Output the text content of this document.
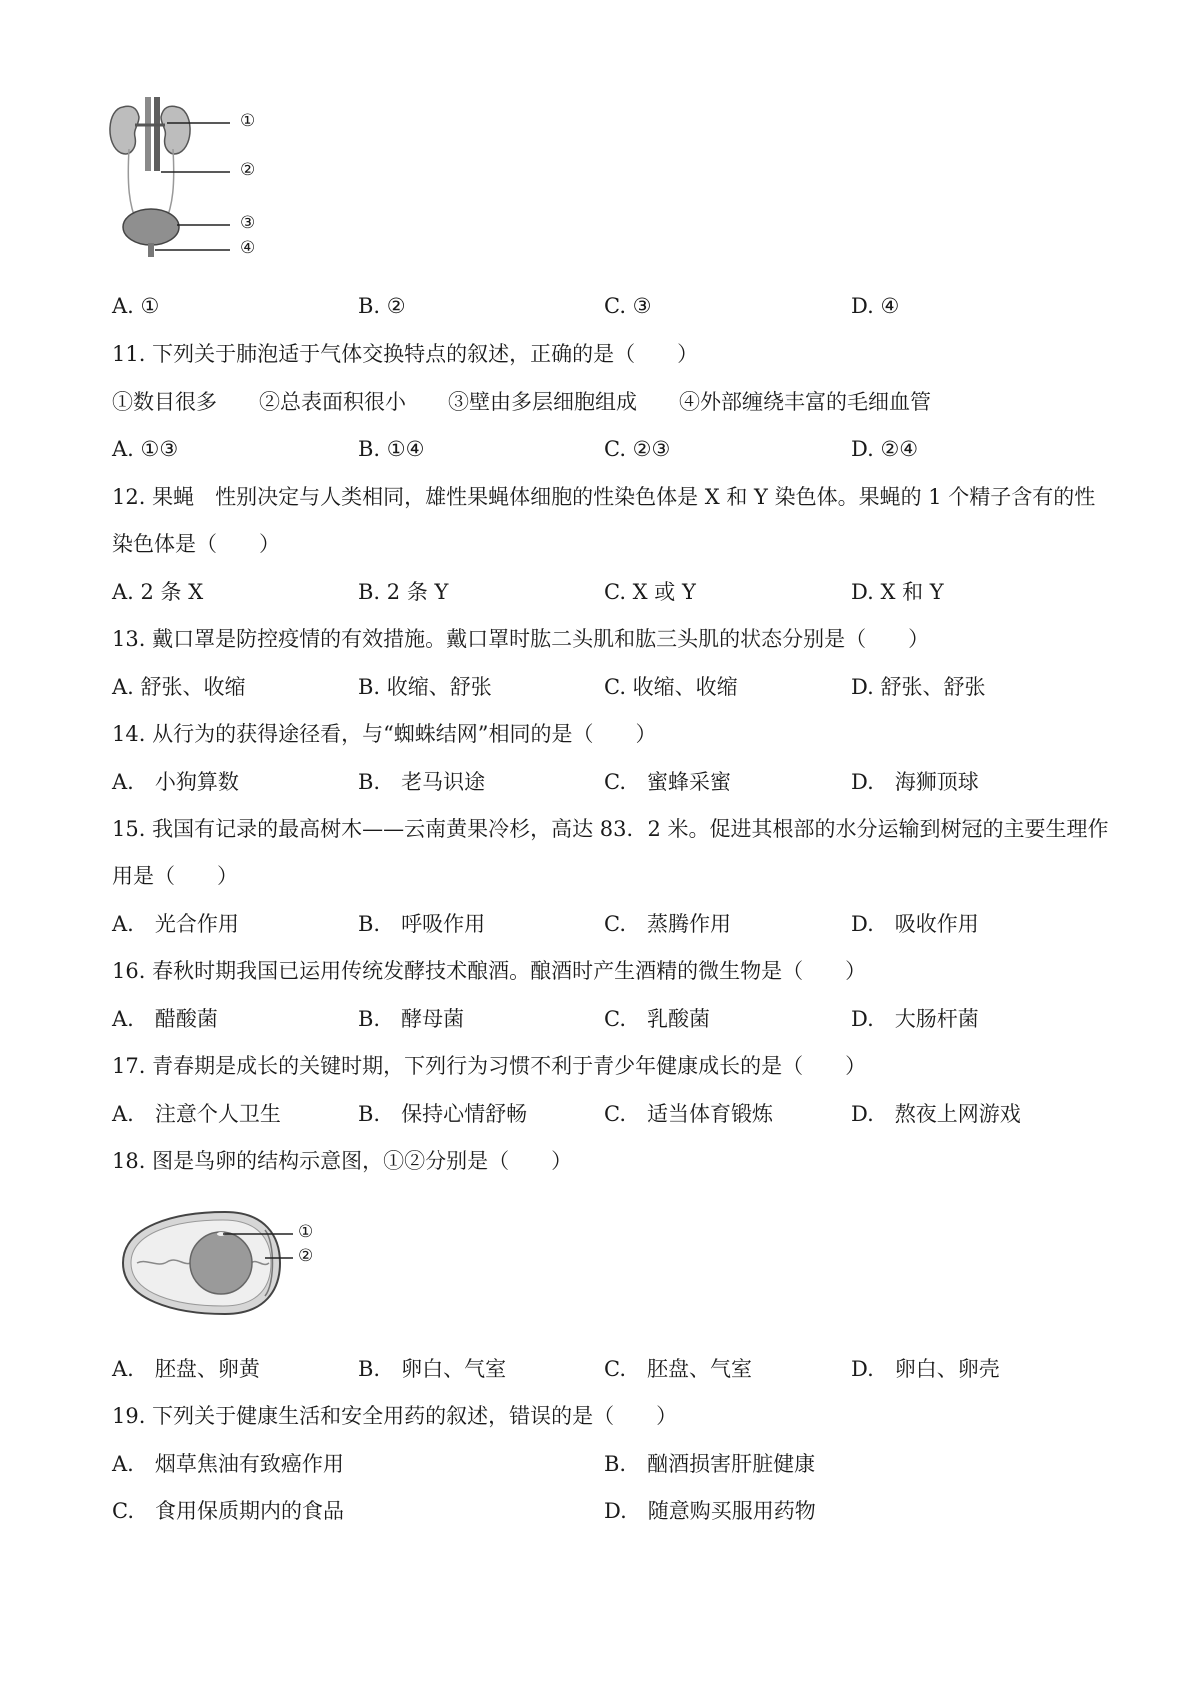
①
②
③
④
A. ①	B. ②	C. ③	D. ④
11. 下列关于肺泡适于气体交换特点的叙述，正确的是（　　）
①数目很多　　②总表面积很小　　③壁由多层细胞组成　　④外部缠绕丰富的毛细血管
A. ①③	B. ①④	C. ②③	D. ②④
12. 果蝇　性别决定与人类相同，雄性果蝇体细胞的性染色体是 X 和 Y 染色体。果蝇的 1 个精子含有的性
染色体是（　　）
A. 2 条 X	B. 2 条 Y	C. X 或 Y	D. X 和 Y
13. 戴口罩是防控疫情的有效措施。戴口罩时肱二头肌和肱三头肌的状态分别是（　　）
A. 舒张、收缩	B. 收缩、舒张	C. 收缩、收缩	D. 舒张、舒张
14. 从行为的获得途径看，与“蜘蛛结网”相同的是（　　）
A.　小狗算数	B.　老马识途	C.　蜜蜂采蜜	D.　海狮顶球
15. 我国有记录的最高树木——云南黄果冷杉，高达 83．2 米。促进其根部的水分运输到树冠的主要生理作
用是（　　）
A.　光合作用	B.　呼吸作用	C.　蒸腾作用	D.　吸收作用
16. 春秋时期我国已运用传统发酵技术酿酒。酿酒时产生酒精的微生物是（　　）
A.　醋酸菌	B.　酵母菌	C.　乳酸菌	D.　大肠杆菌
17. 青春期是成长的关键时期，下列行为习惯不利于青少年健康成长的是（　　）
A.　注意个人卫生	B.　保持心情舒畅	C.　适当体育锻炼	D.　熬夜上网游戏
18. 图是鸟卵的结构示意图，①②分别是（　　）
①
②
A.　胚盘、卵黄	B.　卵白、气室	C.　胚盘、气室	D.　卵白、卵壳
19. 下列关于健康生活和安全用药的叙述，错误的是（　　）
A.　烟草焦油有致癌作用	B.　酗酒损害肝脏健康
C.　食用保质期内的食品	D.　随意购买服用药物
